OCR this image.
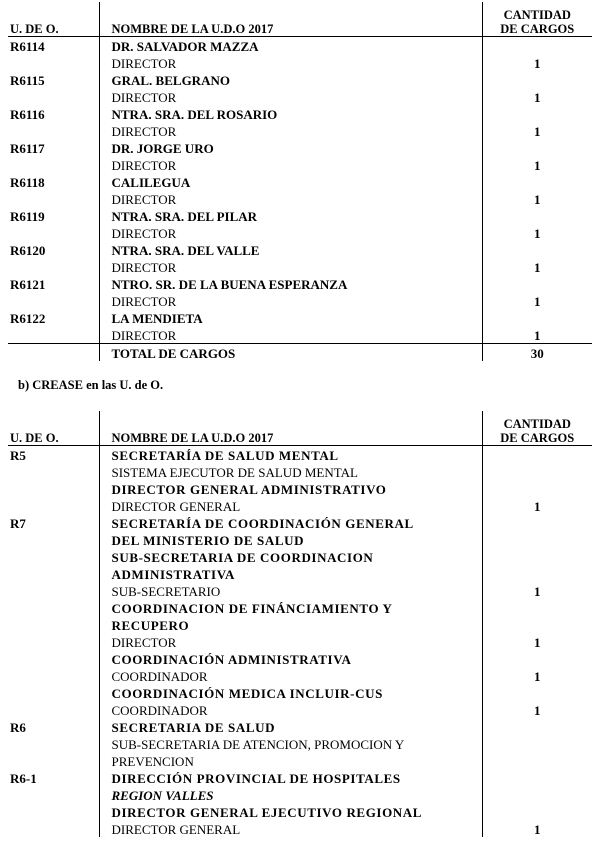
U. DE O.	NOMBRE DE LA U.D.O 2017	CANTIDAD
DE CARGOS

R6114	DR. SALVADOR MAZZA	
	DIRECTOR	1
R6115	GRAL. BELGRANO	
	DIRECTOR	1
R6116	NTRA. SRA. DEL ROSARIO	
	DIRECTOR	1
R6117	DR. JORGE URO	
	DIRECTOR	1
R6118	CALILEGUA	
	DIRECTOR	1
R6119	NTRA. SRA. DEL PILAR	
	DIRECTOR	1
R6120	NTRA. SRA. DEL VALLE	
	DIRECTOR	1
R6121	NTRO. SR. DE LA BUENA ESPERANZA	
	DIRECTOR	1
R6122	LA MENDIETA	
	DIRECTOR	1
	TOTAL DE CARGOS	30
b) CREASE en las U. de O.
U. DE O.	NOMBRE DE LA U.D.O 2017	CANTIDAD
DE CARGOS

R5	SECRETARÍA DE SALUD MENTAL	
	SISTEMA EJECUTOR DE SALUD MENTAL	
	DIRECTOR GENERAL ADMINISTRATIVO	
	DIRECTOR GENERAL	1
R7	SECRETARÍA DE COORDINACIÓN GENERAL	
	DEL MINISTERIO DE SALUD	
	SUB-SECRETARIA DE COORDINACION	
	ADMINISTRATIVA	
	SUB-SECRETARIO	1
	COORDINACION DE FINÁNCIAMIENTO Y	
	RECUPERO	
	DIRECTOR	1
	COORDINACIÓN ADMINISTRATIVA	
	COORDINADOR	1
	COORDINACIÓN MEDICA INCLUIR-CUS	
	COORDINADOR	1
R6	SECRETARIA DE SALUD	
	SUB-SECRETARIA DE ATENCION, PROMOCION Y	
	PREVENCION	
R6-1	DIRECCIÓN PROVINCIAL DE HOSPITALES	
	REGION VALLES	
	DIRECTOR GENERAL EJECUTIVO REGIONAL	
	DIRECTOR GENERAL	1
